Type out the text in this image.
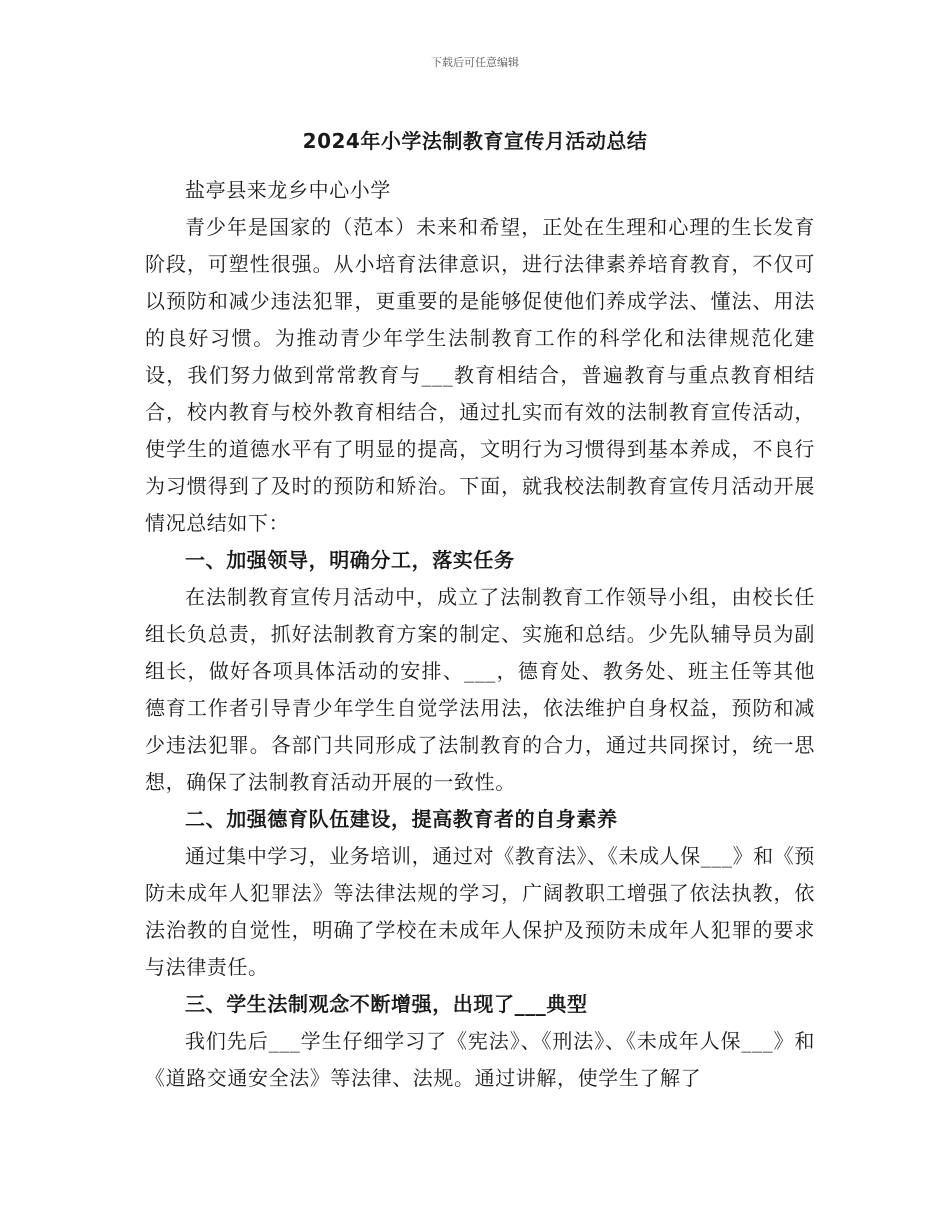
下载后可任意编辑
2024年小学法制教育宣传月活动总结

盐亭县来龙乡中心小学

青少年是国家的（范本）未来和希望，正处在生理和心理的生长发育阶段，可塑性很强。从小培育法律意识，进行法律素养培育教育，不仅可以预防和减少违法犯罪，更重要的是能够促使他们养成学法、懂法、用法的良好习惯。为推动青少年学生法制教育工作的科学化和法律规范化建设，我们努力做到常常教育与___教育相结合，普遍教育与重点教育相结合，校内教育与校外教育相结合，通过扎实而有效的法制教育宣传活动，使学生的道德水平有了明显的提高，文明行为习惯得到基本养成，不良行为习惯得到了及时的预防和矫治。下面，就我校法制教育宣传月活动开展情况总结如下：

一、加强领导，明确分工，落实任务

在法制教育宣传月活动中，成立了法制教育工作领导小组，由校长任组长负总责，抓好法制教育方案的制定、实施和总结。少先队辅导员为副组长，做好各项具体活动的安排、___，德育处、教务处、班主任等其他德育工作者引导青少年学生自觉学法用法，依法维护自身权益，预防和减少违法犯罪。各部门共同形成了法制教育的合力，通过共同探讨，统一思想，确保了法制教育活动开展的一致性。

二、加强德育队伍建设，提高教育者的自身素养

通过集中学习，业务培训，通过对《教育法》、《未成人保___》和《预防未成年人犯罪法》等法律法规的学习，广阔教职工增强了依法执教，依法治教的自觉性，明确了学校在未成年人保护及预防未成年人犯罪的要求与法律责任。

三、学生法制观念不断增强，出现了___典型

我们先后___学生仔细学习了《宪法》、《刑法》、《未成年人保___》和《道路交通安全法》等法律、法规。通过讲解，使学生了解了
